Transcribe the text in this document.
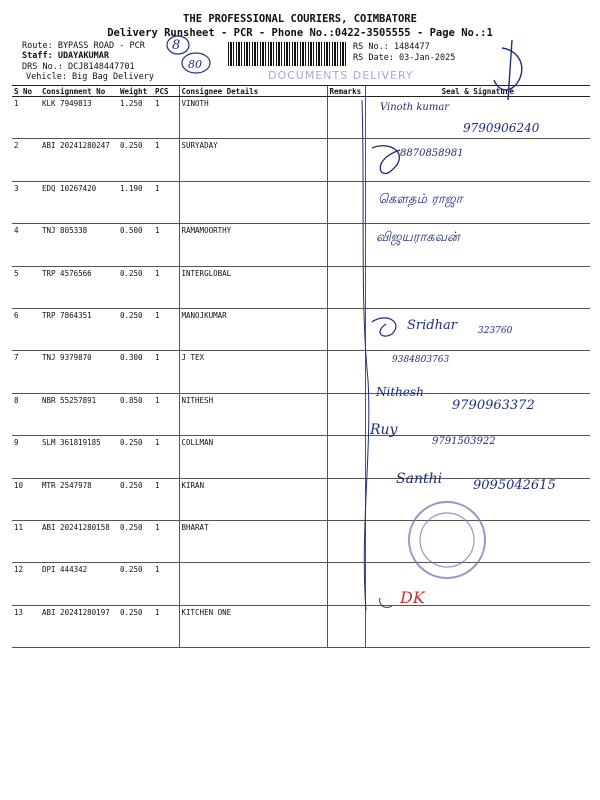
THE PROFESSIONAL COURIERS, COIMBATORE
Delivery Runsheet - PCR - Phone No.:0422-3505555 - Page No.:1
Route: BYPASS ROAD - PCR
Staff: UDAYAKUMAR
DRS No.: DCJ8148447701
Vehicle: Big Bag Delivery
RS No.: 1484477
RS Date: 03-Jan-2025
DOCUMENTS DELIVERY
8
80
S No	Consignment No	Weight	PCS	Consignee Details	Remarks	Seal & Signature
1	KLK 7949813	1.250	1	VINOTH		
2	ABI 20241280247	0.250	1	SURYADAY		
3	EDQ 10267420	1.190	1			
4	TNJ 805338	0.500	1	RAMAMOORTHY		
5	TRP 4576566	0.250	1	INTERGLOBAL		
6	TRP 7864351	0.250	1	MANOJKUMAR		
7	TNJ 9379870	0.300	1	J TEX		
8	NBR 55257891	0.850	1	NITHESH		
9	SLM 361819185	0.250	1	COLLMAN		
10	MTR 2547978	0.250	1	KIRAN		
11	ABI 20241280158	0.250	1	BHARAT		
12	DPI 444342	0.250	1			
13	ABI 20241280197	0.250	1	KITCHEN ONE		
Vinoth kumar
9790906240
8870858981
கௌதம் ராஜா
விஜயராகவன்
Sridhar 323760
9384803763
Nithesh
9790963372
Ruy
9791503922
Santhi 9095042615
DK
